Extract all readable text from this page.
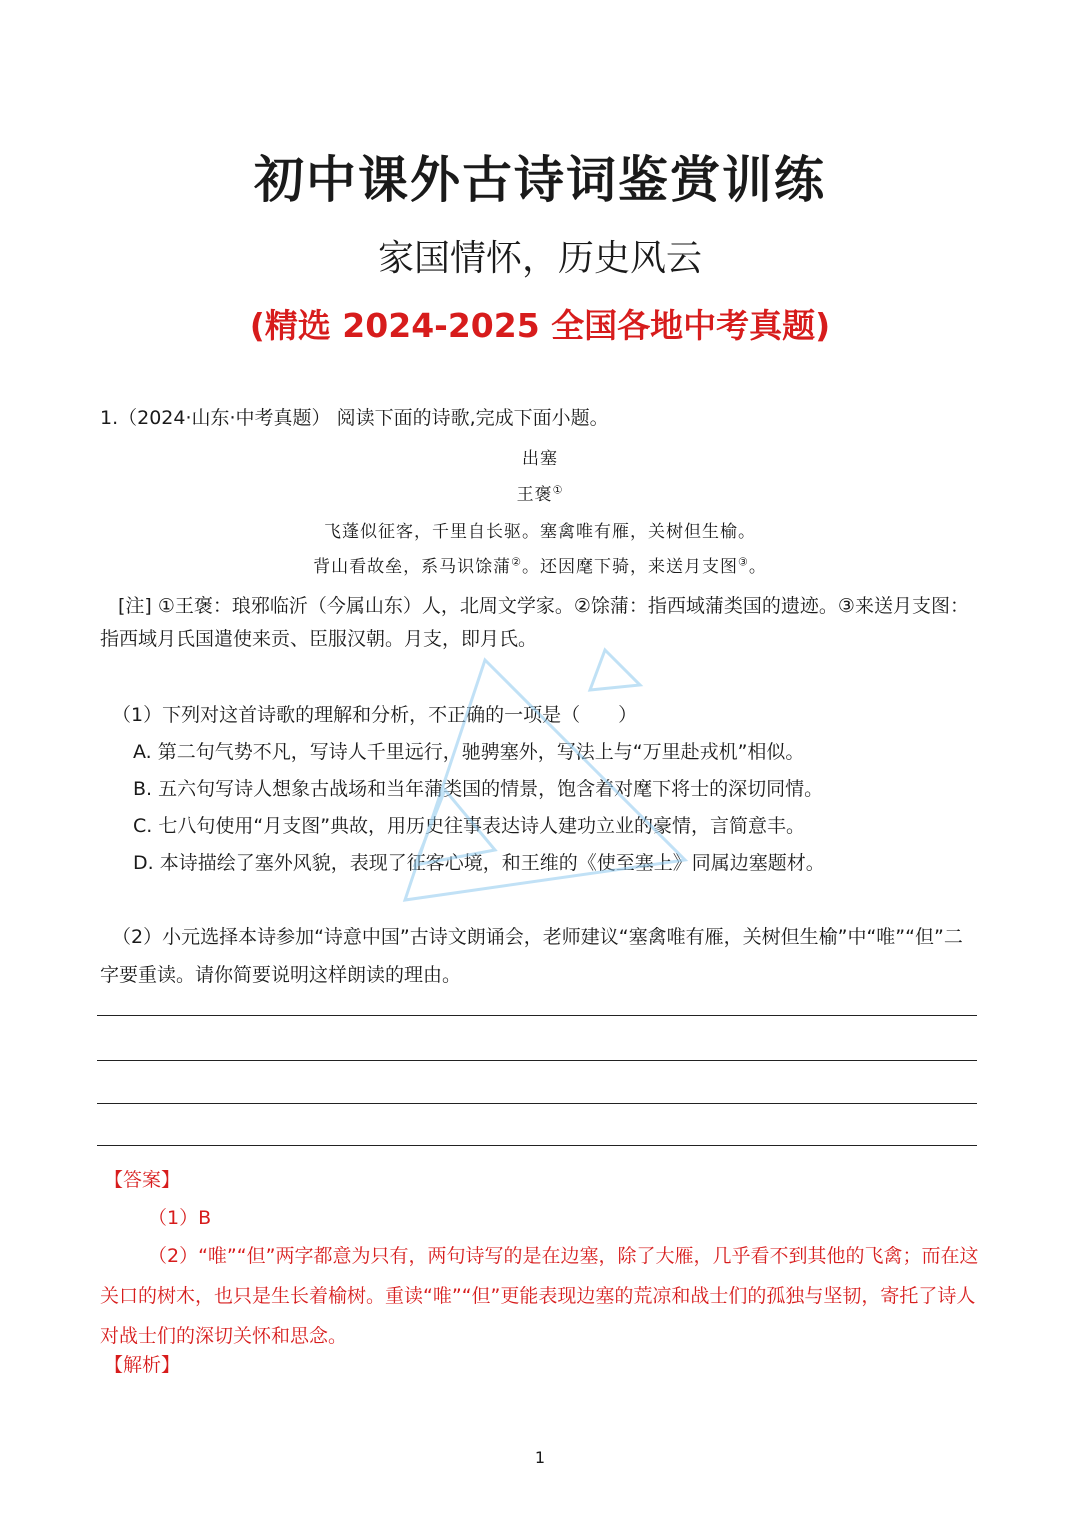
初中课外古诗词鉴赏训练
家国情怀，历史风云
(精选 2024-2025 全国各地中考真题)
1.（2024·山东·中考真题） 阅读下面的诗歌,完成下面小题。
出塞
王褒①
飞蓬似征客，千里自长驱。塞禽唯有雁，关树但生榆。
背山看故垒，系马识馀蒲②。还因麾下骑，来送月支图③。
[注] ①王褒：琅邪临沂（今属山东）人，北周文学家。②馀蒲：指西域蒲类国的遗迹。③来送月支图：指西域月氏国遣使来贡、臣服汉朝。月支，即月氏。
（1）下列对这首诗歌的理解和分析，不正确的一项是（　　）
A. 第二句气势不凡，写诗人千里远行，驰骋塞外，写法上与“万里赴戎机”相似。
B. 五六句写诗人想象古战场和当年蒲类国的情景，饱含着对麾下将士的深切同情。
C. 七八句使用“月支图”典故，用历史往事表达诗人建功立业的豪情，言简意丰。
D. 本诗描绘了塞外风貌，表现了征客心境，和王维的《使至塞上》同属边塞题材。
（2）小元选择本诗参加“诗意中国”古诗文朗诵会，老师建议“塞禽唯有雁，关树但生榆”中“唯”“但”二字要重读。请你简要说明这样朗读的理由。
【答案】
（1）B
（2）“唯”“但”两字都意为只有，两句诗写的是在边塞，除了大雁，几乎看不到其他的飞禽；而在这关口的树木，也只是生长着榆树。重读“唯”“但”更能表现边塞的荒凉和战士们的孤独与坚韧，寄托了诗人对战士们的深切关怀和思念。
【解析】
1
